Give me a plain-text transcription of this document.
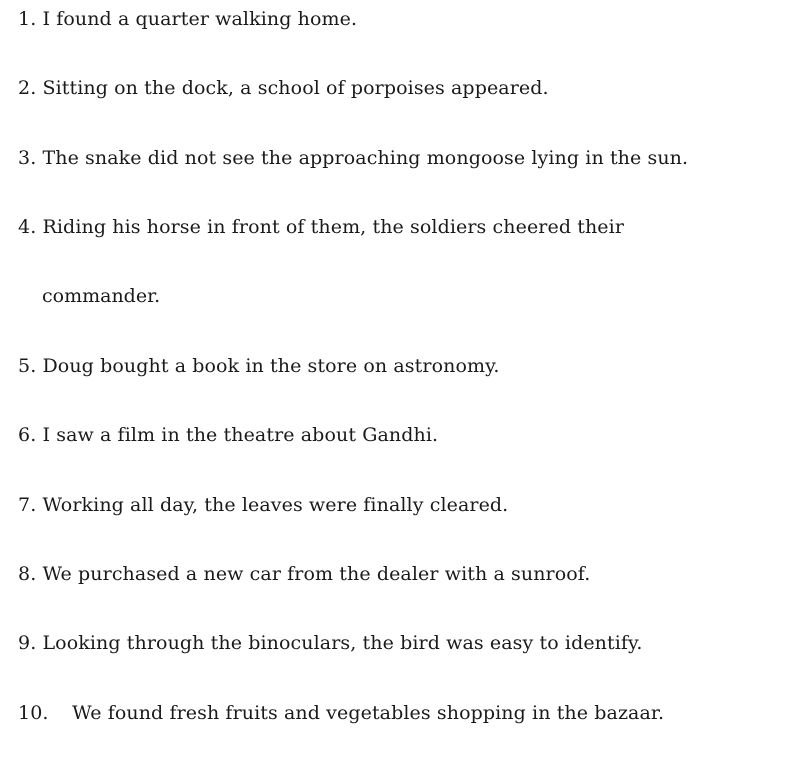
1. I found a quarter walking home.
2. Sitting on the dock, a school of porpoises appeared.
3. The snake did not see the approaching mongoose lying in the sun.
4. Riding his horse in front of them, the soldiers cheered their
commander.
5. Doug bought a book in the store on astronomy.
6. I saw a film in the theatre about Gandhi.
7. Working all day, the leaves were finally cleared.
8. We purchased a new car from the dealer with a sunroof.
9. Looking through the binoculars, the bird was easy to identify.
10. We found fresh fruits and vegetables shopping in the bazaar.
